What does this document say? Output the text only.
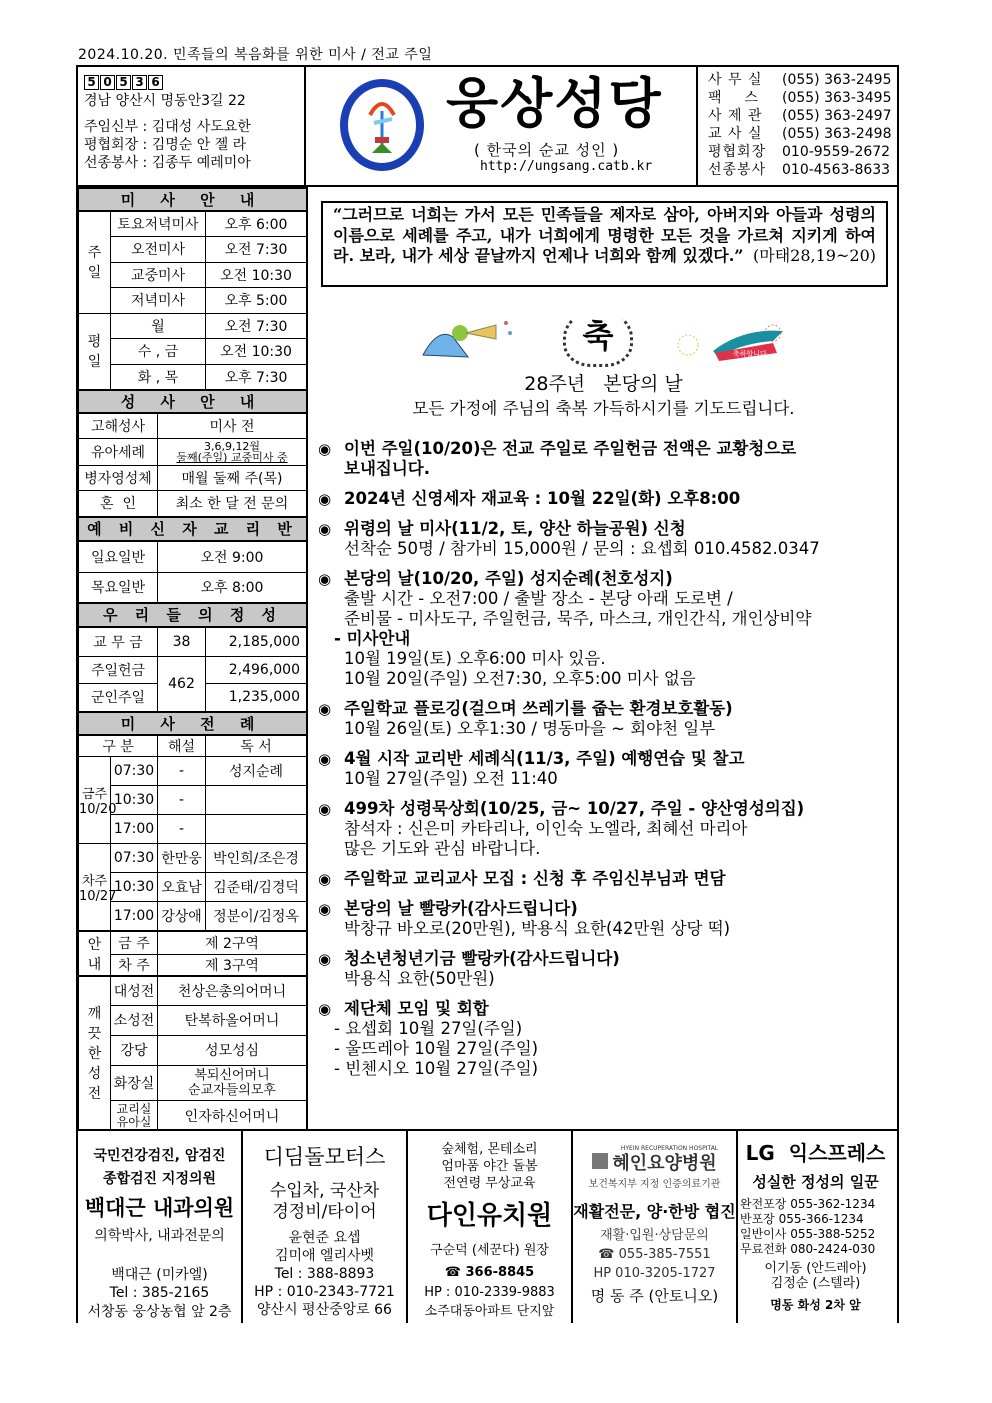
2024.10.20. 민족들의 복음화를 위한 미사 / 전교 주일
5 0 5 3 6
경남 양산시 명동안3길 22
주임신부 : 김대성 사도요한
평협회장 : 김명순 안 젤 라
선종봉사 : 김종두 예레미아
웅상성당
( 한국의 순교 성인 )
http://ungsang.catb.kr
사 무 실	(055) 363-2495
팩    스	(055) 363-3495
사 제 관	(055) 363-2497
교 사 실	(055) 363-2498
평협회장	010-9559-2672
선종봉사	010-4563-8633
미 사 안 내			
주일	토요저녁미사		오후 6:00
	오전미사		오전 7:30
	교중미사		오전 10:30
	저녁미사		오후 5:00
평일	월		오전 7:30
	수 , 금		오전 10:30
	화 , 목		오후 7:30
성 사 안 내			
고해성사		미사 전	
유아세례		3,6,9,12월
둘째(주일) 교중미사 중	

병자영성체		매월 둘째 주(목)	
혼  인		최소 한 달 전 문의	
예 비 신 자 교 리 반			
일요일반		오전 9:00	
목요일반		오후 8:00	
우 리 들 의 정 성			
교 무 금		38	2,185,000
주일헌금		462	2,496,000
군인주일			1,235,000
미 사 전 례			
구 분		해설	독 서

금주
10/20	07:30	-	성지순례
	10:30	-	
	17:00	-	

차주
10/27	07:30	한만웅	박인희/조은경
	10:30	오효남	김준태/김경덕
	17:00	강상애	정분이/김정옥

안
내	금 주	제 2구역	
	차 주	제 3구역	

깨
끗
한
성
전	대성전	천상은총의어머니	
	소성전	탄복하올어머니	
	강당	성모성심	
	화장실	복되신어머니
순교자들의모후	

	교리실
유아실	인자하신어머니	
“그러므로 너희는 가서 모든 민족들을 제자로 삼아, 아버지와 아들과 성령의 이름으로 세례를 주고, 내가 너희에게 명령한 모든 것을 가르쳐 지키게 하여라. 보라, 내가 세상 끝날까지 언제나 너희와 함께 있겠다.” (마태28,19~20)
축	축하합니다
28주년   본당의 날
모든 가정에 주님의 축복 가득하시기를 기도드립니다.
◉ 이번 주일(10/20)은 전교 주일로 주일헌금 전액은 교황청으로
보내집니다.
◉ 2024년 신영세자 재교육 : 10월 22일(화) 오후8:00
◉ 위령의 날 미사(11/2, 토, 양산 하늘공원) 신청
선착순 50명 / 참가비 15,000원 / 문의 : 요셉회 010.4582.0347
◉ 본당의 날(10/20, 주일) 성지순례(천호성지)
출발 시간 - 오전7:00 / 출발 장소 - 본당 아래 도로변 /
준비물 - 미사도구, 주일헌금, 묵주, 마스크, 개인간식, 개인상비약
- 미사안내
10월 19일(토) 오후6:00 미사 있음.
10월 20일(주일) 오전7:30, 오후5:00 미사 없음
◉ 주일학교 플로깅(걸으며 쓰레기를 줍는 환경보호활동)
10월 26일(토) 오후1:30 / 명동마을 ~ 회야천 일부
◉ 4월 시작 교리반 세례식(11/3, 주일) 예행연습 및 찰고
10월 27일(주일) 오전 11:40
◉ 499차 성령묵상회(10/25, 금~ 10/27, 주일 - 양산영성의집)
참석자 : 신은미 카타리나, 이인숙 노엘라, 최혜선 마리아
많은 기도와 관심 바랍니다.
◉ 주일학교 교리교사 모집 : 신청 후 주임신부님과 면담
◉ 본당의 날 빨랑카(감사드립니다)
박창규 바오로(20만원), 박용식 요한(42만원 상당 떡)
◉ 청소년청년기금 빨랑카(감사드립니다)
박용식 요한(50만원)
◉ 제단체 모임 및 회합
- 요셉회 10월 27일(주일)
- 울뜨레아 10월 27일(주일)
- 빈첸시오 10월 27일(주일)
국민건강검진, 암검진
종합검진 지정의원
백대근 내과의원
의학박사, 내과전문의
백대근 (미카엘)
Tel : 385-2165
서창동 웅상농협 앞 2층
디딤돌모터스
수입차, 국산차
경정비/타이어
윤현준 요셉
김미애 엘리사벳
Tel : 388-8893
HP : 010-2343-7721
양산시 평산중앙로 66
숲체험, 몬테소리
엄마품 야간 돌봄
전연령 무상교육
다인유치원
구순덕 (세꾼다) 원장
☎ 366-8845
HP : 010-2339-9883
소주대동아파트 단지앞
HYEIN RECUPERATION HOSPITAL
혜인요양병원
보건복지부 지정 인증의료기관
재활전문, 양·한방 협진
재활·입원·상담문의
☎ 055-385-7551
HP 010-3205-1727
명 동 주 (안토니오)
LG 익스프레스
성실한 정성의 일꾼
완전포장 055-362-1234
반포장 055-366-1234
일반이사 055-388-5252
무료전화 080-2424-030
이기동 (안드레아)
김정순 (스텔라)
명동 화성 2차 앞
